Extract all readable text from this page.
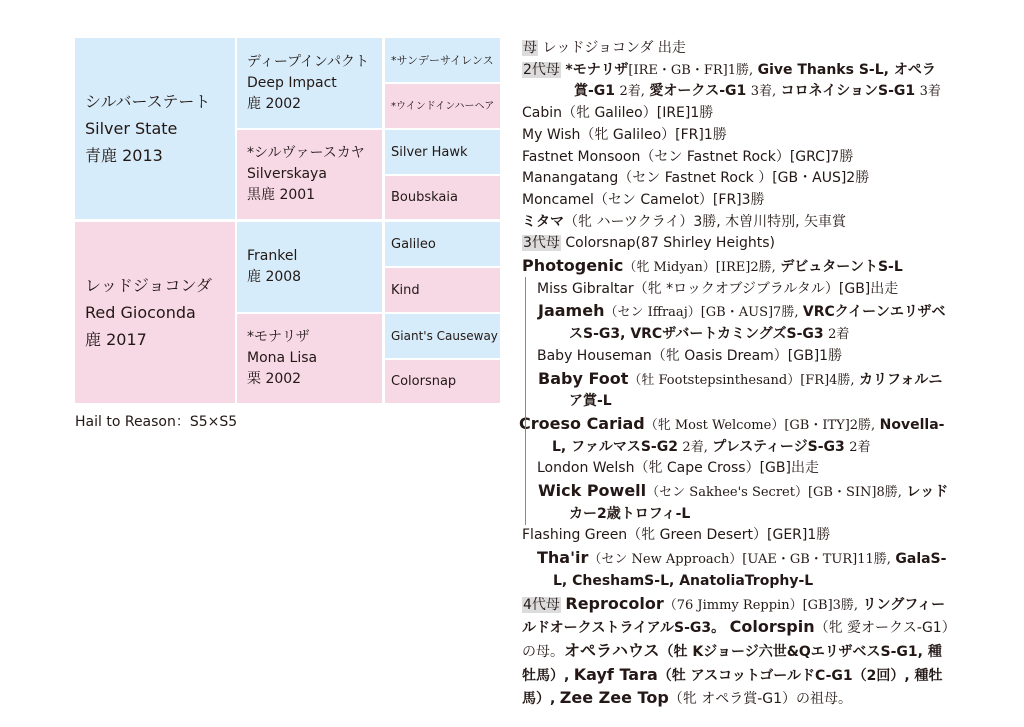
シルバーステート
Silver State
青鹿 2013
レッドジョコンダ
Red Gioconda
鹿 2017
ディープインパクト
Deep Impact
鹿 2002
*シルヴァースカヤ
Silverskaya
黒鹿 2001
Frankel
鹿 2008
*モナリザ
Mona Lisa
栗 2002
*サンデーサイレンス
*ウインドインハーヘア
Silver Hawk
Boubskaia
Galileo
Kind
Giant's Causeway
Colorsnap
Hail to Reason：S5×S5

母 レッドジョコンダ 出走

2代母 *モナリザ[IRE・GB・FR]1勝, Give Thanks S-L, オペラ賞-G1 2着, 愛オークス-G1 3着, コロネイションS-G1 3着

Cabin（牝 Galileo）[IRE]1勝

My Wish（牝 Galileo）[FR]1勝

Fastnet Monsoon（セン Fastnet Rock）[GRC]7勝

Manangatang（セン Fastnet Rock ）[GB・AUS]2勝

Moncamel（セン Camelot）[FR]3勝

ミタマ（牝 ハーツクライ）3勝, 木曽川特別, 矢車賞

3代母 Colorsnap(87 Shirley Heights)

Photogenic（牝 Midyan）[IRE]2勝, デビュターントS-L

Miss Gibraltar（牝 *ロックオブジブラルタル）[GB]出走

Jaameh（セン Iffraaj）[GB・AUS]7勝, VRCクイーンエリザベスS-G3, VRCザバートカミングズS-G3 2着

Baby Houseman（牝 Oasis Dream）[GB]1勝

Baby Foot（牡 Footstepsinthesand）[FR]4勝, カリフォルニア賞-L

Croeso Cariad（牝 Most Welcome）[GB・ITY]2勝, Novella-L, ファルマスS-G2 2着, プレスティージS-G3 2着

London Welsh（牝 Cape Cross）[GB]出走

Wick Powell（セン Sakhee's Secret）[GB・SIN]8勝, レッドカー2歳トロフィ-L

Flashing Green（牝 Green Desert）[GER]1勝

Tha'ir（セン New Approach）[UAE・GB・TUR]11勝, GalaS-L, CheshamS-L, AnatoliaTrophy-L

4代母 Reprocolor（76 Jimmy Reppin）[GB]3勝, リングフィールドオークストライアルS-G3。 Colorspin（牝 愛オークス-G1）の母。オペラハウス（牡 Kジョージ六世&QエリザベスS-G1, 種牡馬）, Kayf Tara（牡 アスコットゴールドC-G1（2回）, 種牡馬）, Zee Zee Top（牝 オペラ賞-G1）の祖母。
